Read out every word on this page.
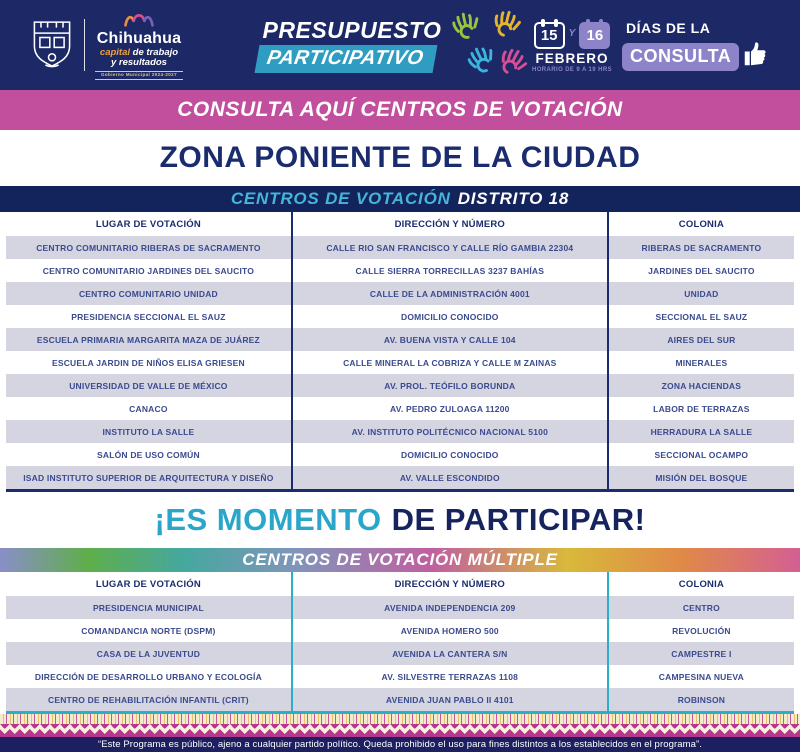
Chihuahua
capital de trabajo
y resultados
Gobierno Municipal 2024-2027
PRESUPUESTO
PARTICIPATIVO
15 Y 16
FEBRERO
HORARIO DE 9 A 19 HRS
DÍAS DE LA
CONSULTA
CONSULTA AQUÍ CENTROS DE VOTACIÓN
ZONA PONIENTE DE LA CIUDAD
CENTROS DE VOTACIÓN DISTRITO 18
LUGAR DE VOTACIÓN	DIRECCIÓN Y NÚMERO	COLONIA
CENTRO COMUNITARIO RIBERAS DE SACRAMENTO	CALLE RIO SAN FRANCISCO Y CALLE RÍO GAMBIA 22304	RIBERAS DE SACRAMENTO
CENTRO COMUNITARIO JARDINES DEL SAUCITO	CALLE SIERRA TORRECILLAS 3237 BAHÍAS	JARDINES DEL SAUCITO
CENTRO COMUNITARIO UNIDAD	CALLE DE LA ADMINISTRACIÓN 4001	UNIDAD
PRESIDENCIA SECCIONAL EL SAUZ	DOMICILIO CONOCIDO	SECCIONAL EL SAUZ
ESCUELA PRIMARIA MARGARITA MAZA DE JUÁREZ	AV. BUENA VISTA Y CALLE 104	AIRES DEL SUR
ESCUELA JARDIN DE NIÑOS ELISA GRIESEN	CALLE MINERAL LA COBRIZA Y CALLE M ZAINAS	MINERALES
UNIVERSIDAD DE VALLE DE MÉXICO	AV. PROL. TEÓFILO BORUNDA	ZONA HACIENDAS
CANACO	AV. PEDRO ZULOAGA 11200	LABOR DE TERRAZAS
INSTITUTO LA SALLE	AV. INSTITUTO POLITÉCNICO NACIONAL 5100	HERRADURA LA SALLE
SALÓN DE USO COMÚN	DOMICILIO CONOCIDO	SECCIONAL OCAMPO
ISAD INSTITUTO SUPERIOR DE ARQUITECTURA Y DISEÑO	AV. VALLE ESCONDIDO	MISIÓN DEL BOSQUE
¡ES MOMENTO DE PARTICIPAR!
CENTROS DE VOTACIÓN MÚLTIPLE
LUGAR DE VOTACIÓN	DIRECCIÓN Y NÚMERO	COLONIA
PRESIDENCIA MUNICIPAL	AVENIDA INDEPENDENCIA 209	CENTRO
COMANDANCIA NORTE (DSPM)	AVENIDA HOMERO 500	REVOLUCIÓN
CASA DE LA JUVENTUD	AVENIDA LA CANTERA S/N	CAMPESTRE I
DIRECCIÓN DE DESARROLLO URBANO Y ECOLOGÍA	AV. SILVESTRE TERRAZAS 1108	CAMPESINA NUEVA
CENTRO DE REHABILITACIÓN INFANTIL (CRIT)	AVENIDA JUAN PABLO II 4101	ROBINSON
“Este Programa es público, ajeno a cualquier partido político. Queda prohibido el uso para fines distintos a los establecidos en el programa”.
